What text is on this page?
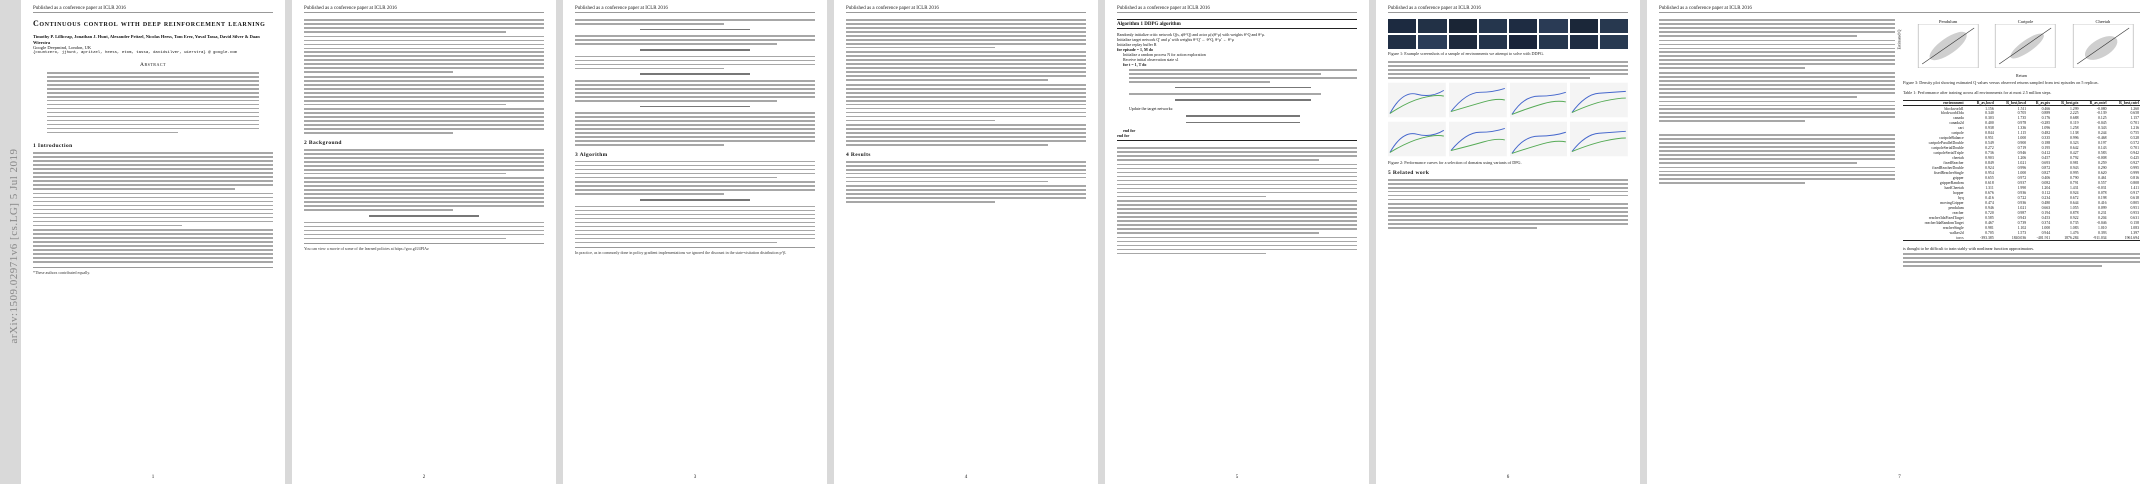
arXiv:1509.02971v6 [cs.LG] 5 Jul 2019
Published as a conference paper at ICLR 2016
Continuous control with deep reinforcement learning
Timothy P. Lillicrap, Jonathan J. Hunt, Alexander Pritzel, Nicolas Heess, Tom Erez, Yuval Tassa, David Silver & Daan Wierstra
Google Deepmind, London, UK
{countzero, jjhunt, apritzel, heess, etom, tassa, davidsilver, wierstra} @ google.com
Abstract
1 Introduction
*These authors contributed equally.
1
Published as a conference paper at ICLR 2016
2 Background
You can view a movie of some of the learned policies at https://goo.gl/J4PIAz
2
Published as a conference paper at ICLR 2016
3 Algorithm
In practice, as in commonly done in policy gradient implementations we ignored the discount in the state-visitation distribution p^β.
3
Published as a conference paper at ICLR 2016
4 Results
4
Published as a conference paper at ICLR 2016
Algorithm 1 DDPG algorithm
Randomly initialize critic network Q(s, a|θ^Q) and actor μ(s|θ^μ) with weights θ^Q and θ^μ.
Initialize target network Q' and μ' with weights θ^Q' ← θ^Q, θ^μ' ← θ^μ
Initialize replay buffer R
for episode = 1, M do
Initialize a random process N for action exploration
Receive initial observation state s1
for t = 1, T do
Update the target networks:
end for
end for
5
Published as a conference paper at ICLR 2016
Figure 1: Example screenshots of a sample of environments we attempt to solve with DDPG.
Figure 2: Performance curves for a selection of domains using variants of DPG.
5 Related work
6
Published as a conference paper at ICLR 2016
Estimated Q
Pendulum	Cartpole	Cheetah
Return
Figure 3: Density plot showing estimated Q values versus observed returns sampled from test episodes on 5 replicas.
Table 1: Performance after training across all environments for at most 2.5 million steps.
environment	R_av,lowd	R_best,lowd	R_av,pix	R_best,pix	R_av,cntrl	R_best,cntrl
blockworld1	1.156	1.511	0.466	1.299	-0.080	1.260
blockworld3da	0.340	0.705	0.889	2.225	-0.139	0.658
canada	0.303	1.735	0.176	0.688	0.125	1.157
canada2d	0.400	0.978	-0.285	0.119	-0.045	0.701
cart	0.938	1.336	1.096	1.258	0.343	1.216
cartpole	0.844	1.115	0.482	1.138	0.244	0.755
cartpoleBalance	0.951	1.000	0.335	0.996	-0.468	0.528
cartpoleParallelDouble	0.549	0.900	0.188	0.323	0.197	0.572
cartpoleSerialDouble	0.272	0.719	0.195	0.642	0.143	0.701
cartpoleSerialTriple	0.736	0.946	0.412	0.427	0.583	0.942
cheetah	0.903	1.206	0.457	0.792	-0.008	0.425
fixedReacher	0.849	1.021	0.693	0.981	0.259	0.927
fixedReacherDouble	0.924	0.996	0.872	0.943	0.290	0.995
fixedReacherSingle	0.954	1.000	0.827	0.995	0.620	0.999
gripper	0.655	0.972	0.406	0.790	0.461	0.816
gripperRandom	0.618	0.937	0.082	0.791	0.557	0.808
hardCheetah	1.311	1.990	1.204	1.431	-0.031	1.411
hopper	0.676	0.936	0.112	0.924	0.078	0.917
hyq	0.416	0.722	0.234	0.672	0.198	0.618
movingGripper	0.474	0.936	0.480	0.644	0.416	0.805
pendulum	0.946	1.021	0.663	1.055	0.099	0.951
reacher	0.720	0.987	0.194	0.878	0.231	0.953
reacher3daFixedTarget	0.585	0.943	0.453	0.922	0.204	0.631
reacher3daRandomTarget	0.467	0.739	0.374	0.735	-0.046	0.158
reacherSingle	0.981	1.102	1.000	1.083	1.010	1.083
walker2d	0.705	1.573	0.944	1.476	0.393	1.397
torcs	-393.385	1840.036	-401.911	1876.284	-911.034	1961.694
is thought to be difficult to train stably with nonlinear function approximators.
7
